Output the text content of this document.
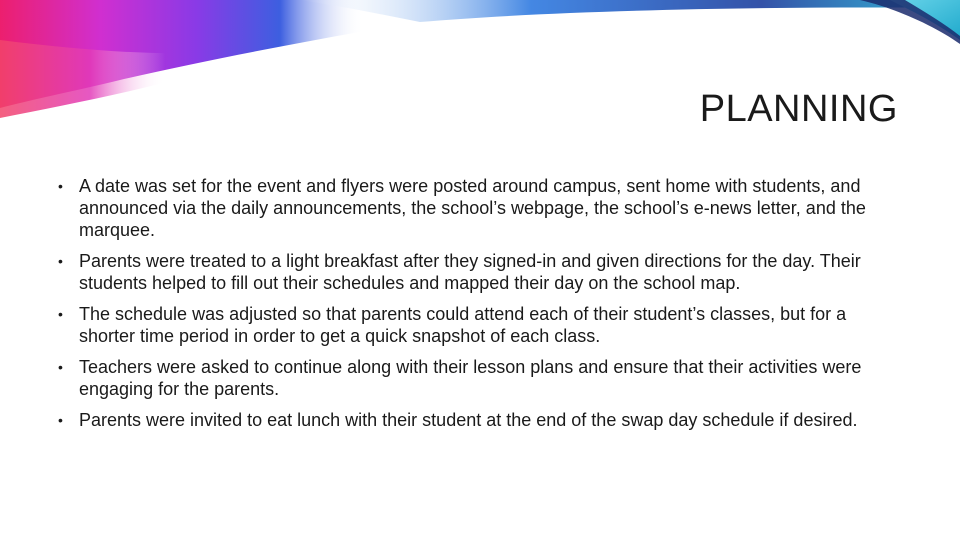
PLANNING
• A date was set for the event and flyers were posted around campus, sent home with students, and announced via the daily announcements, the school’s webpage, the school’s e-news letter, and the marquee.
• Parents were treated to a light breakfast after they signed-in and given directions for the day. Their students helped to fill out their schedules and mapped their day on the school map.
• The schedule was adjusted so that parents could attend each of their student’s classes, but for a shorter time period in order to get a quick snapshot of each class.
• Teachers were asked to continue along with their lesson plans and ensure that their activities were engaging for the parents.
• Parents were invited to eat lunch with their student at the end of the swap day schedule if desired.
